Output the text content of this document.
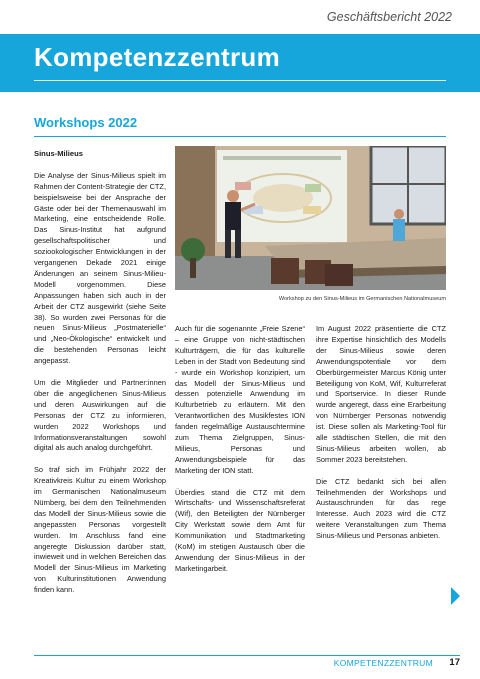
Geschäftsbericht 2022
Kompetenzzentrum
Workshops 2022
Sinus-Milieus

Die Analyse der Sinus-Milieus spielt im Rahmen der Content-Strategie der CTZ, beispielsweise bei der Ansprache der Gäste oder bei der Themenauswahl im Marketing, eine entscheidende Rolle. Das Sinus-Institut hat aufgrund gesellschaftspolitischer und soziookologischer Entwicklungen in der vergangenen Dekade 2021 einige Änderungen an seinem Sinus-Milieu-Modell vorgenommen. Diese Anpassungen haben sich auch in der Arbeit der CTZ ausgewirkt (siehe Seite 38). So wurden zwei Personas für die neuen Sinus-Milieus „Postmaterielle“ und „Neo-Ökologische“ entwickelt und die bestehenden Personas leicht angepasst.

Um die Mitglieder und Partner:innen über die angeglichenen Sinus-Milieus und deren Auswirkungen auf die Personas der CTZ zu informieren, wurden 2022 Workshops und Informationsveranstaltungen sowohl digital als auch analog durchgeführt.

So traf sich im Frühjahr 2022 der Kreativkreis Kultur zu einem Workshop im Germanischen Nationalmuseum Nürnberg, bei dem den Teilnehmenden das Modell der Sinus-Milieus sowie die angepassten Personas vorgestellt wurden. Im Anschluss fand eine angeregte Diskussion darüber statt, inwieweit und in welchen Bereichen das Modell der Sinus-Milieus im Marketing von Kulturinstitutionen Anwendung finden kann.

Workshop zu den Sinus-Milieus im Germanischen Nationalmuseum

Auch für die sogenannte „Freie Szene“ – eine Gruppe von nicht-städtischen Kulturträgern, die für das kulturelle Leben in der Stadt von Bedeutung sind - wurde ein Workshop konzipiert, um das Modell der Sinus-Milieus und dessen potenzielle Anwendung im Kulturbetrieb zu erläutern. Mit den Verantwortlichen des Musikfestes ION fanden regelmäßige Austauschtermine zum Thema Zielgruppen, Sinus-Milieus, Personas und Anwendungsbeispiele für das Marketing der ION statt.

Überdies stand die CTZ mit dem Wirtschafts- und Wissenschaftsreferat (Wif), den Beteiligten der Nürnberger City Werkstatt sowie dem Amt für Kommunikation und Stadtmarketing (KoM) im stetigen Austausch über die Anwendung der Sinus-Milieus in der Marketingarbeit.

Im August 2022 präsentierte die CTZ ihre Expertise hinsichtlich des Modells der Sinus-Milieus sowie deren Anwendungspotentiale vor dem Oberbürgermeister Marcus König unter Beteiligung von KoM, Wif, Kulturreferat und Sportservice. In dieser Runde wurde angeregt, dass eine Erarbeitung von Nürnberger Personas notwendig ist. Diese sollen als Marketing-Tool für alle städtischen Stellen, die mit den Sinus-Milieus arbeiten wollen, ab Sommer 2023 bereitstehen.

Die CTZ bedankt sich bei allen Teilnehmenden der Workshops und Austauschrunden für das rege Interesse. Auch 2023 wird die CTZ weitere Veranstaltungen zum Thema Sinus-Milieus und Personas anbieten.

KOMPETENZZENTRUM 17
